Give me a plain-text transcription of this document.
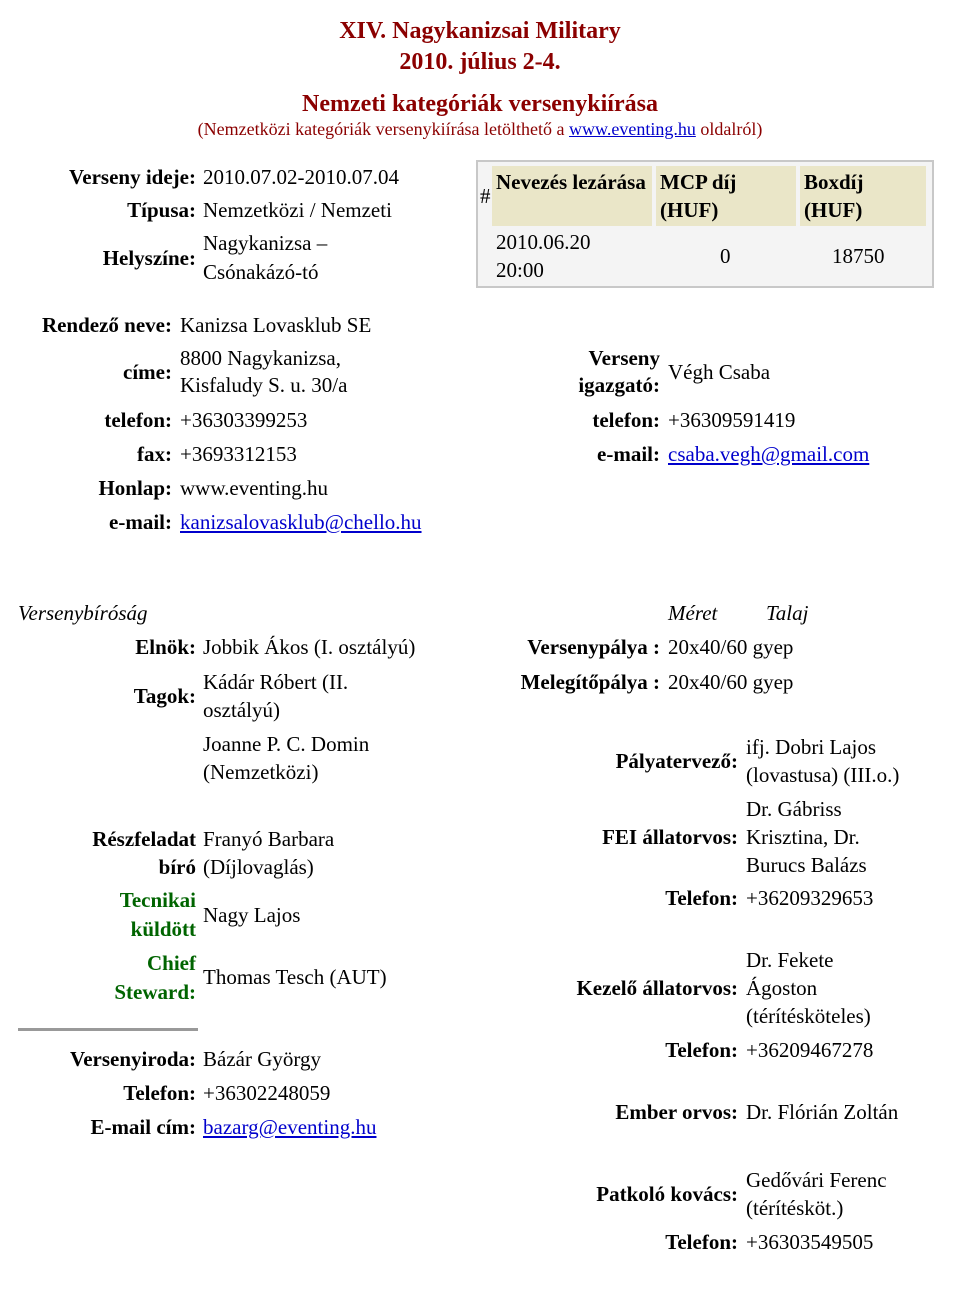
XIV. Nagykanizsai Military
2010. július 2-4.
Nemzeti kategóriák versenykiírása
(Nemzetközi kategóriák versenykiírása letölthető a www.eventing.hu oldalról)
Verseny ideje: 2010.07.02-2010.07.04
Típusa: Nemzetközi / Nemzeti
Helyszíne:
Nagykanizsa –
Csónakázó-tó
#
Nevezés lezárása MCP díj (HUF)
Boxdíj (HUF)
2010.06.20 20:00
0	18750
Rendező neve: Kanizsa Lovasklub SE
címe:
8800 Nagykanizsa,
Kisfaludy S. u. 30/a
telefon: +36303399253
fax: +3693312153
Honlap: www.eventing.hu
e-mail: kanizsalovasklub@chello.hu
Verseny
igazgató:
Végh Csaba
telefon: +36309591419
e-mail: csaba.vegh@gmail.com
Versenybíróság
Elnök: Jobbik Ákos (I. osztályú)
Tagok:
Kádár Róbert (II.
osztályú)
Joanne P. C. Domin
(Nemzetközi)
Részfeladat
bíró
Franyó Barbara
(Díjlovaglás)
Tecnikai
küldött
Nagy Lajos
Chief
Steward:
Thomas Tesch (AUT)
Versenyiroda: Bázár György
Telefon: +36302248059
E-mail cím: bazarg@eventing.hu
Méret Talaj
Versenypálya : 20x40/60 gyep
Melegítőpálya : 20x40/60 gyep
Pályatervező:
ifj. Dobri Lajos
(lovastusa) (III.o.)
FEI állatorvos:
Dr. Gábriss
Krisztina, Dr.
Burucs Balázs
Telefon: +36209329653
Kezelő állatorvos:
Dr. Fekete
Ágoston
(térítésköteles)
Telefon: +36209467278
Ember orvos: Dr. Flórián Zoltán
Patkoló kovács:
Gedővári Ferenc
(térítésköt.)
Telefon: +36303549505
